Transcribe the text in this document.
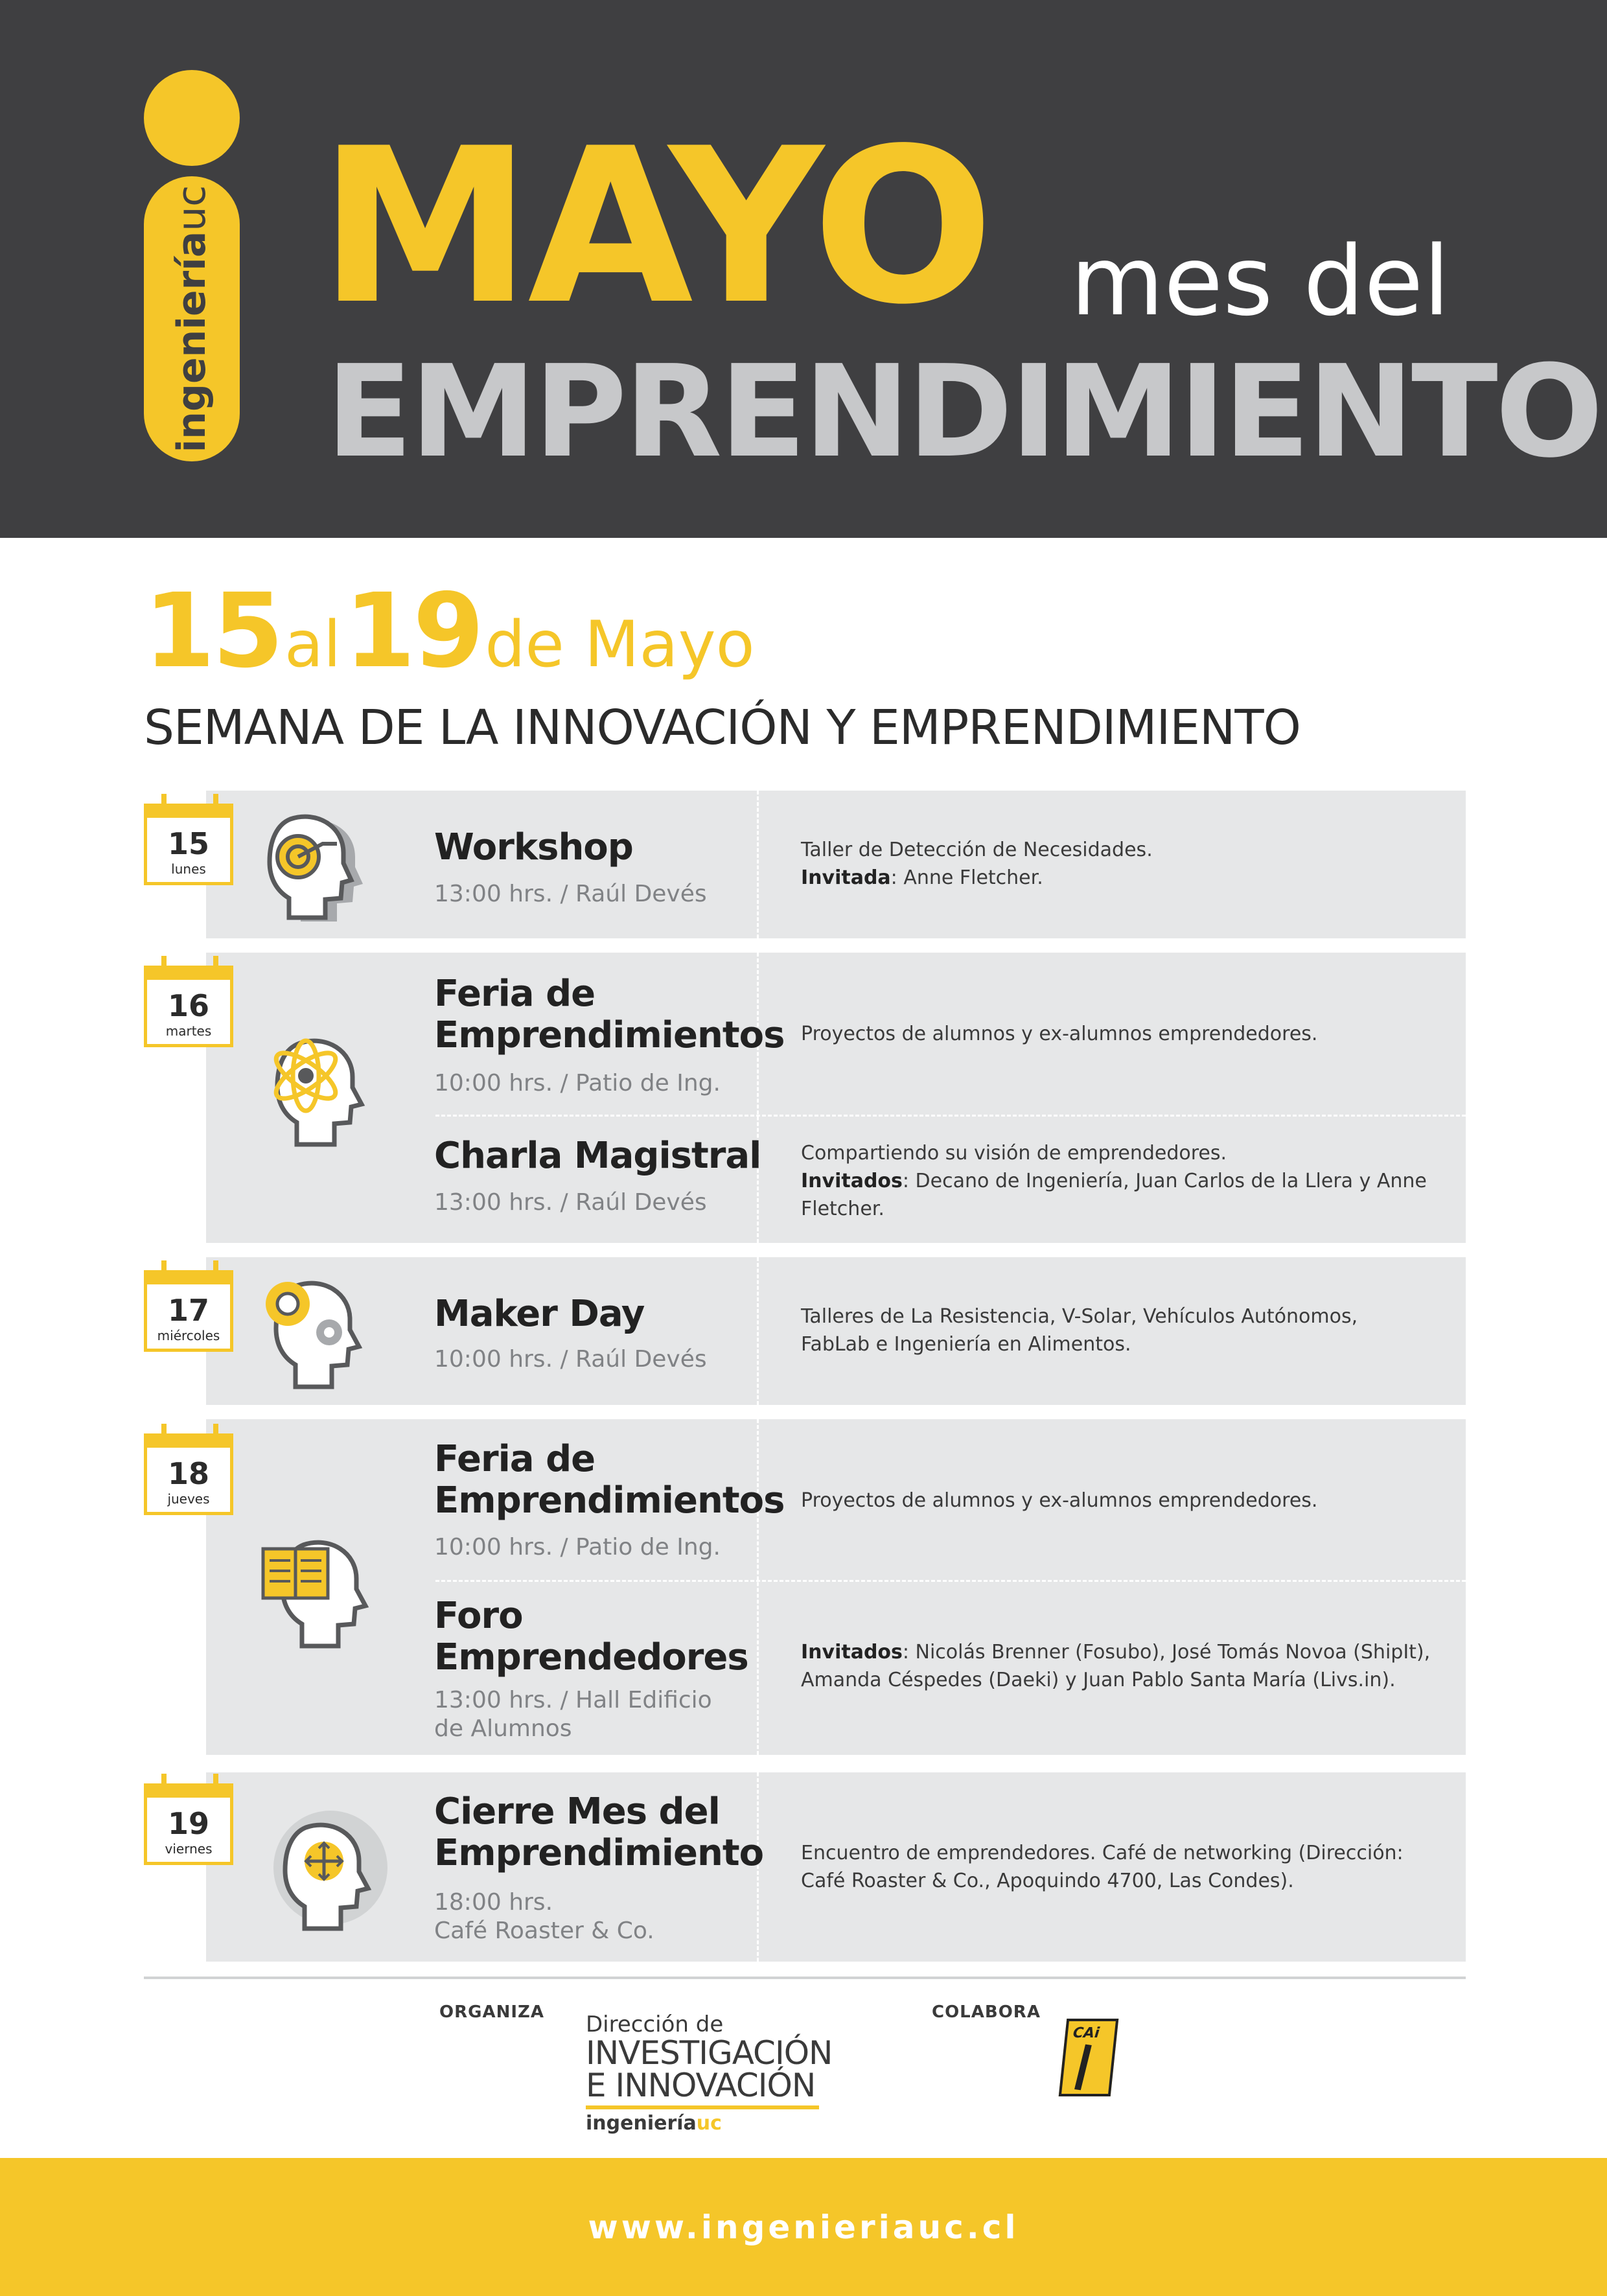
ingenieríauc MAYO mes del
EMPRENDIMIENTO
15 al 19 de Mayo
SEMANA DE LA INNOVACIÓN Y EMPRENDIMIENTO
15
lunes
16
martes
17
miércoles
18
jueves
19
viernes
Workshop
13:00 hrs. / Raúl Devés
Taller de Detección de Necesidades.
Invitada: Anne Fletcher.
Feria de
Emprendimientos
10:00 hrs. / Patio de Ing.
Proyectos de alumnos y ex-alumnos emprendedores.
Charla Magistral
13:00 hrs. / Raúl Devés
Compartiendo su visión de emprendedores.
Invitados: Decano de Ingeniería, Juan Carlos de la Llera y Anne
Fletcher.
Maker Day
10:00 hrs. / Raúl Devés
Talleres de La Resistencia, V-Solar, Vehículos Autónomos,
FabLab e Ingeniería en Alimentos.
Feria de
Emprendimientos
10:00 hrs. / Patio de Ing.
Proyectos de alumnos y ex-alumnos emprendedores.
Foro
Emprendedores
13:00 hrs. / Hall Edificio
de Alumnos
Invitados: Nicolás Brenner (Fosubo), José Tomás Novoa (ShipIt),
Amanda Céspedes (Daeki) y Juan Pablo Santa María (Livs.in).
Cierre Mes del
Emprendimiento
18:00 hrs.
Café Roaster & Co.
Encuentro de emprendedores. Café de networking (Dirección:
Café Roaster & Co., Apoquindo 4700, Las Condes).
ORGANIZA	COLABORA
Dirección de
INVESTIGACIÓN
E INNOVACIÓN
ingenieríauc
CAi
www.ingenieriauc.cl
